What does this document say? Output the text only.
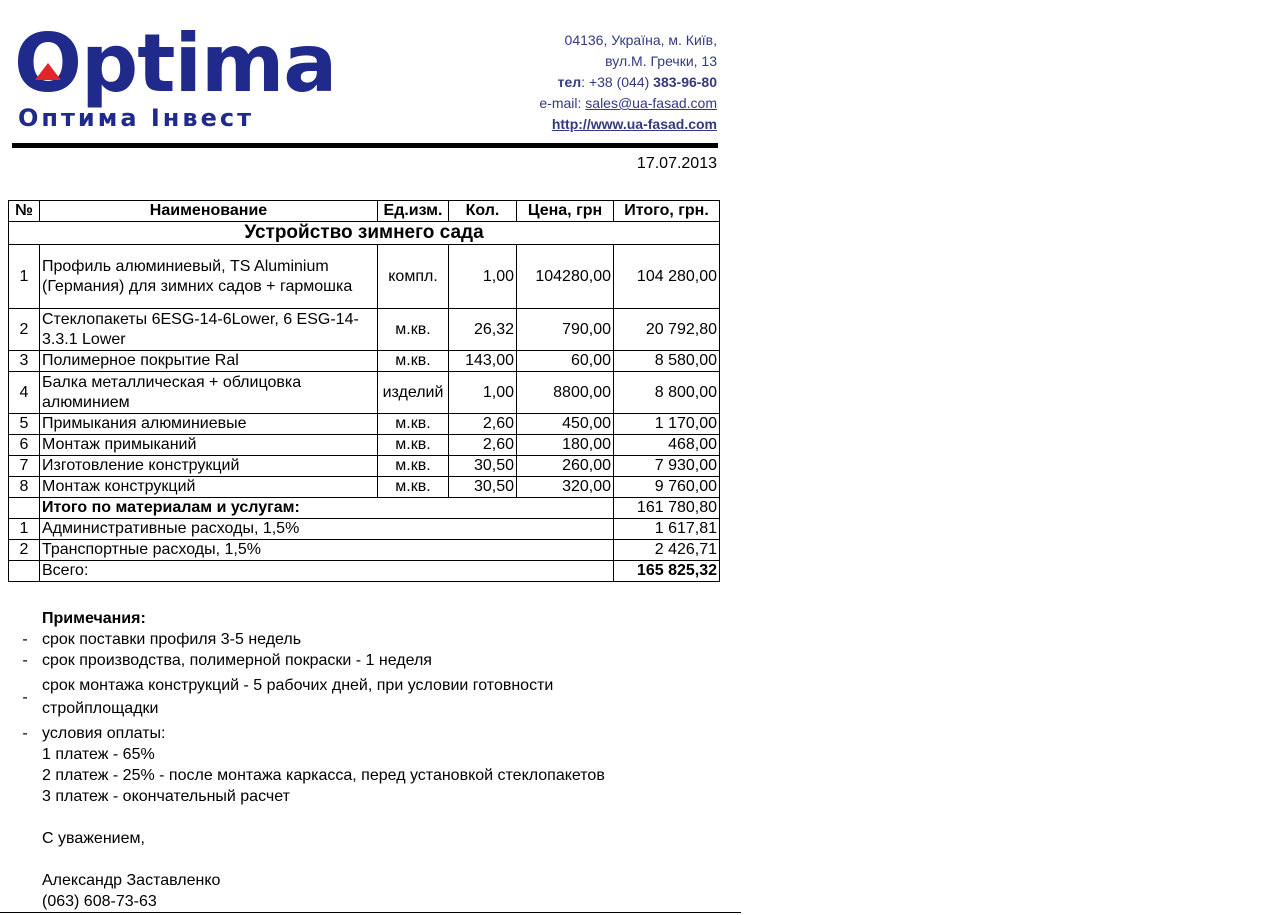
Optima
Оптима Інвест
04136, Україна, м. Київ,
вул.М. Гречки, 13
тел: +38 (044) 383-96-80
e-mail: sales@ua-fasad.com
http://www.ua-fasad.com
17.07.2013
№	Наименование	Ед.изм.	Кол.	Цена, грн	Итого, грн.
Устройство зимнего сада					
1	Профиль алюминиевый, TS Aluminium (Германия) для зимних садов + гармошка	компл.	1,00	104280,00	104 280,00
2	Стеклопакеты 6ESG-14-6Lower, 6 ESG-14-3.3.1 Lower	м.кв.	26,32	790,00	20 792,80
3	Полимерное покрытие Ral	м.кв.	143,00	60,00	8 580,00
4	Балка металлическая + облицовка алюминием	изделий	1,00	8800,00	8 800,00
5	Примыкания алюминиевые	м.кв.	2,60	450,00	1 170,00
6	Монтаж примыканий	м.кв.	2,60	180,00	468,00
7	Изготовление конструкций	м.кв.	30,50	260,00	7 930,00
8	Монтаж конструкций	м.кв.	30,50	320,00	9 760,00
	Итого по материалам и услугам:				161 780,80
1	Административные расходы, 1,5%				1 617,81
2	Транспортные расходы, 1,5%				2 426,71
	Всего:				165 825,32
Примечания:
- срок поставки профиля 3-5 недель
- срок производства, полимерной покраски - 1 неделя
-
срок монтажа конструкций - 5 рабочих дней, при условии готовности стройплощадки
- условия оплаты:
1 платеж - 65%
2 платеж - 25% - после монтажа каркасса, перед установкой стеклопакетов
3 платеж - окончательный расчет
С уважением,
Александр Заставленко
(063) 608-73-63
